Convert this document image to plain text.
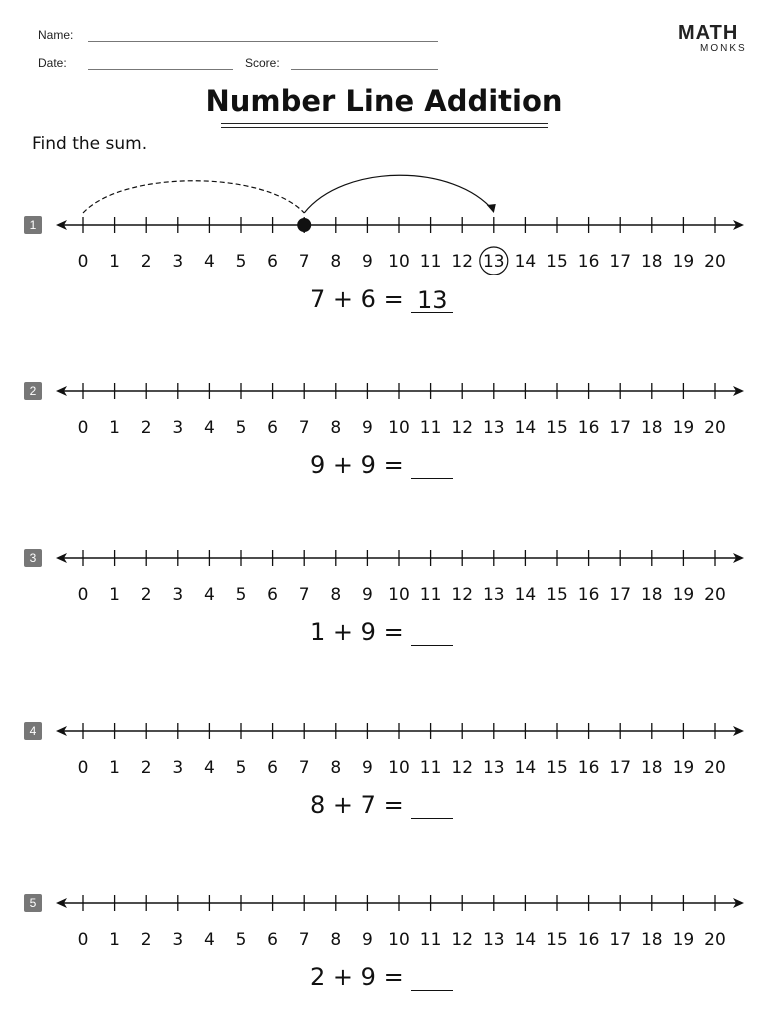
Name:
Date:	Score:
MATH
MONKS
Number Line Addition
Find the sum.
1
0 1 2 3 4 5 6 7 8 9 10 11 12 13 14 15 16 17 18 19 20
7 + 6 = 13
2
0 1 2 3 4 5 6 7 8 9 10 11 12 13 14 15 16 17 18 19 20
9 + 9 =
3
0 1 2 3 4 5 6 7 8 9 10 11 12 13 14 15 16 17 18 19 20
1 + 9 =
4
0 1 2 3 4 5 6 7 8 9 10 11 12 13 14 15 16 17 18 19 20
8 + 7 =
5
0 1 2 3 4 5 6 7 8 9 10 11 12 13 14 15 16 17 18 19 20
2 + 9 =
